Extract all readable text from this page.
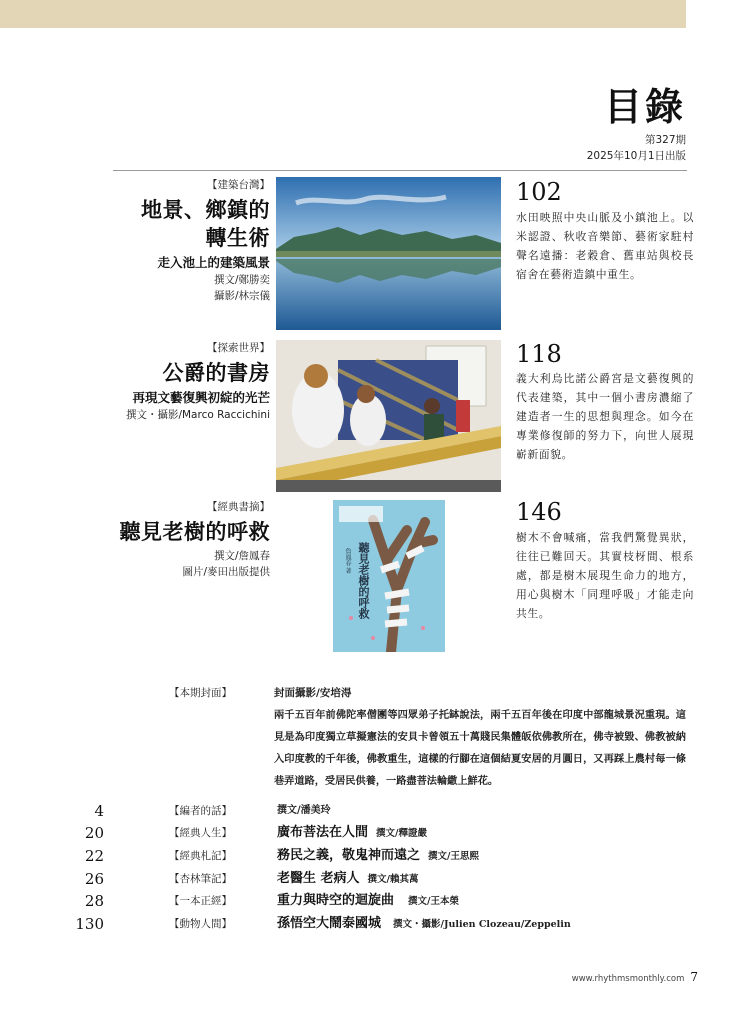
目錄
第327期
2025年10月1日出版
【建築台灣】
地景、鄉鎮的
轉生術
走入池上的建築風景
撰文/鄭勝奕
攝影/林宗儀
102
水田映照中央山脈及小鎮池上。以米認證、秋收音樂節、藝術家駐村聲名遠播：老穀倉、舊車站與校長宿舍在藝術造鎮中重生。
【探索世界】
公爵的書房
再現文藝復興初綻的光芒
撰文・攝影/Marco Raccichini
118
義大利烏比諾公爵宮是文藝復興的代表建築，其中一個小書房濃縮了建造者一生的思想與理念。如今在專業修復師的努力下，向世人展現嶄新面貌。
【經典書摘】
聽見老樹的呼救
撰文/詹鳳春
圖片/麥田出版提供	聽見老樹的呼救
詹鳳春 著
146
樹木不會喊痛，當我們驚覺異狀，往往已難回天。其實枝枒間、根系處，都是樹木展現生命力的地方，用心與樹木「同理呼吸」才能走向共生。
【本期封面】	封面攝影/安培淂
兩千五百年前佛陀率僧團等四眾弟子托缽說法，兩千五百年後在印度中部龍城景況重現。這見是為印度獨立草擬憲法的安貝卡曾領五十萬賤民集體皈依佛教所在，佛寺被毀、佛教被納入印度教的千年後，佛教重生，這樣的行腳在這個結夏安居的月圓日，又再踩上農村每一條巷弄道路，受居民供養，一路盡菩法輪繖上鮮花。
4	【編者的話】	撰文/潘美玲
20	【經典人生】	廣布菩法在人間 撰文/釋證嚴
22	【經典札記】	務民之義，敬鬼神而遠之 撰文/王思熙
26	【杏林筆記】	老醫生 老病人 撰文/賴其萬
28	【一本正經】	重力與時空的迴旋曲 撰文/王本榮
130	【動物人間】	孫悟空大鬧泰國城 撰文・攝影/Julien Clozeau/Zeppelin
www.rhythmsmonthly.com 7
